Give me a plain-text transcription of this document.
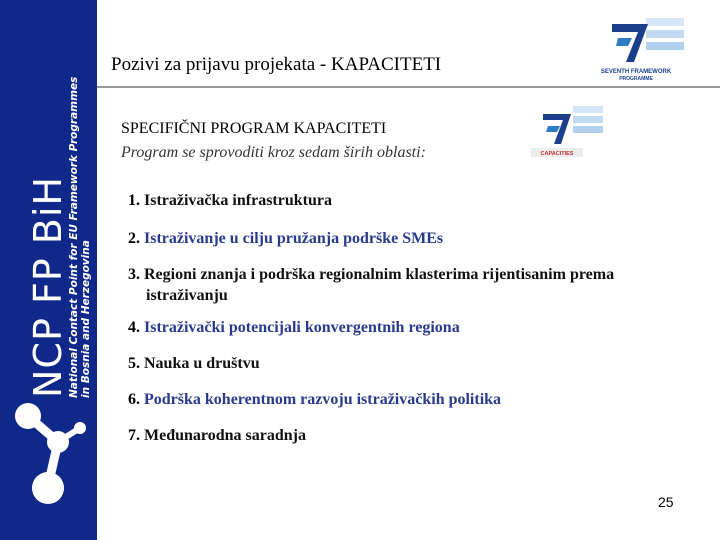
NCP FP BiH
National Contact Point for EU Framework Programmes in Bosnia and Herzegovina
Pozivi za prijavu projekata - KAPACITETI	SEVENTH FRAMEWORK
PROGRAMME
CAPACITIES
SPECIFIČNI PROGRAM KAPACITETI
Program se sprovoditi kroz sedam širih oblasti:
1. Istraživačka infrastruktura
2. Istraživanje u cilju pružanja podrške SMEs
3. Regioni znanja i podrška regionalnim klasterima rijentisanim prema
istraživanju
4. Istraživački potencijali konvergentnih regiona
5. Nauka u društvu
6. Podrška koherentnom razvoju istraživačkih politika
7. Međunarodna saradnja
25
